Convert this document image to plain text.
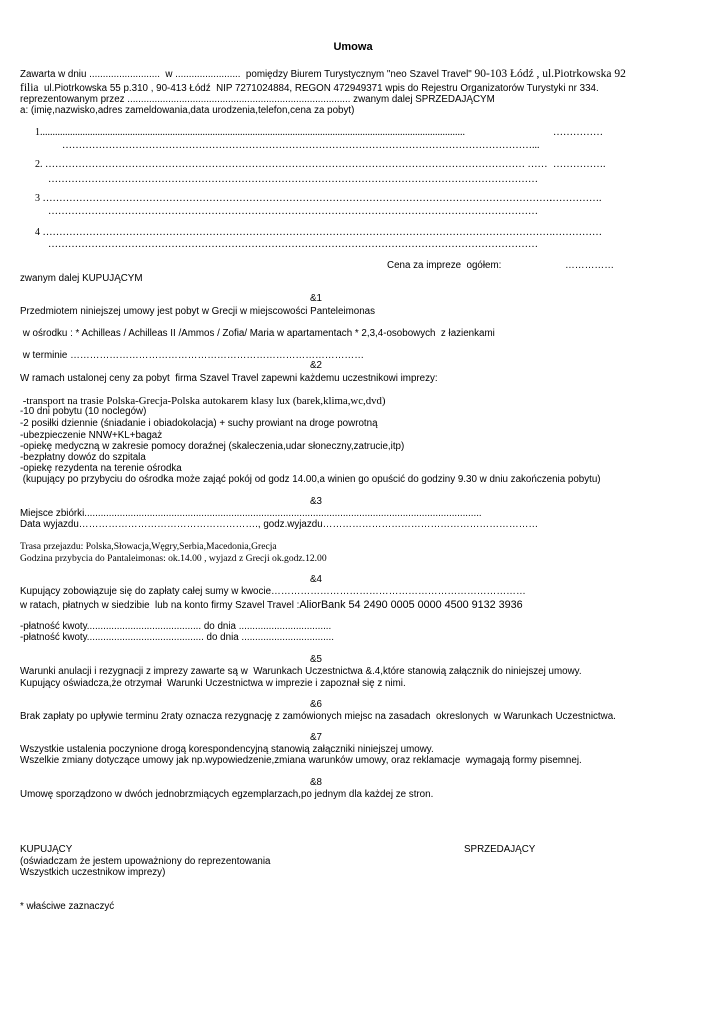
Umowa
Zawarta w dniu ..........................  w ........................  pomiędzy Biurem Turystycznym "neo Szavel Travel" 90-103 Łódź , ul.Piotrkowska 92
filia  ul.Piotrkowska 55 p.310 , 90-413 Łódź  NIP 7271024884, REGON 472949371 wpis do Rejestru Organizatorów Turystyki nr 334.
reprezentowanym przez .................................................................................. zwanym dalej SPRZEDAJĄCYM
a: (imię,nazwisko,adres zameldowania,data urodzenia,telefon,cena za pobyt)
1..........................................................................................................................................................................	……………
……………………………………………………………………………………………………………………………...
2. ……………………………………………………………………………………………………………………………… …… …………….
…………………………………………………………………………………………………………………………………
3 ………………………………………………………………………………………………………………………………………
…………….
…………………………………………………………………………………………………………………………………
4 ……………………………………………………………………………………………………………………………………… ……………
…………………………………………………………………………………………………………………………………
Cena za impreze  ogółem:	……………
zwanym dalej KUPUJĄCYM
&1
Przedmiotem niniejszej umowy jest pobyt w Grecji w miejscowości Panteleimonas
w ośrodku : * Achilleas / Achilleas II /Ammos / Zofia/ Maria w apartamentach * 2,3,4-osobowych  z łazienkami
w terminie ………………………………………………………………………………
&2
W ramach ustalonej ceny za pobyt  firma Szavel Travel zapewni każdemu uczestnikowi imprezy:
-transport na trasie Polska-Grecja-Polska autokarem klasy lux (barek,klima,wc,dvd)
-10 dni pobytu (10 noclegów)
-2 posiłki dziennie (śniadanie i obiadokolacja) + suchy prowiant na droge powrotną
-ubezpieczenie NNW+KL+bagaż
-opiekę medyczną w zakresie pomocy doraźnej (skaleczenia,udar słoneczny,zatrucie,itp)
-bezpłatny dowóz do szpitala
-opiekę rezydenta na terenie ośrodka
(kupujący po przybyciu do ośrodka może zająć pokój od godz 14.00,a winien go opuścić do godziny 9.30 w dniu zakończenia pobytu)
&3
Miejsce zbiórki..................................................................................................................................................
Data wyjazdu………………………………………………., godz.wyjazdu…………………………………………………………
Trasa przejazdu: Polska,Słowacja,Węgry,Serbia,Macedonia,Grecja
Godzina przybycia do Pantaleimonas: ok.14.00 , wyjazd z Grecji ok.godz.12.00
&4
Kupujący zobowiązuje się do zapłaty całej sumy w kwocie……………………………………………………………………
w ratach, płatnych w siedzibie  lub na konto firmy Szavel Travel :AliorBank 54 2490 0005 0000 4500 9132 3936
-płatność kwoty.......................................... do dnia ..................................
-płatność kwoty........................................... do dnia ..................................
&5
Warunki anulacji i rezygnacji z imprezy zawarte są w  Warunkach Uczestnictwa &.4,które stanowią załącznik do niniejszej umowy.
Kupujący oświadcza,że otrzymał  Warunki Uczestnictwa w imprezie i zapoznał się z nimi.
&6
Brak zapłaty po upływie terminu 2raty oznacza rezygnację z zamówionych miejsc na zasadach  okreslonych  w Warunkach Uczestnictwa.
&7
Wszystkie ustalenia poczynione drogą korespondencyjną stanowią załączniki niniejszej umowy.
Wszelkie zmiany dotyczące umowy jak np.wypowiedzenie,zmiana warunków umowy, oraz reklamacje  wymagają formy pisemnej.
&8
Umowę sporządzono w dwóch jednobrzmiących egzemplarzach,po jednym dla każdej ze stron.
KUPUJĄCY	SPRZEDAJĄCY
(oświadczam że jestem upoważniony do reprezentowania
Wszystkich uczestnikow imprezy)
* właściwe zaznaczyć
